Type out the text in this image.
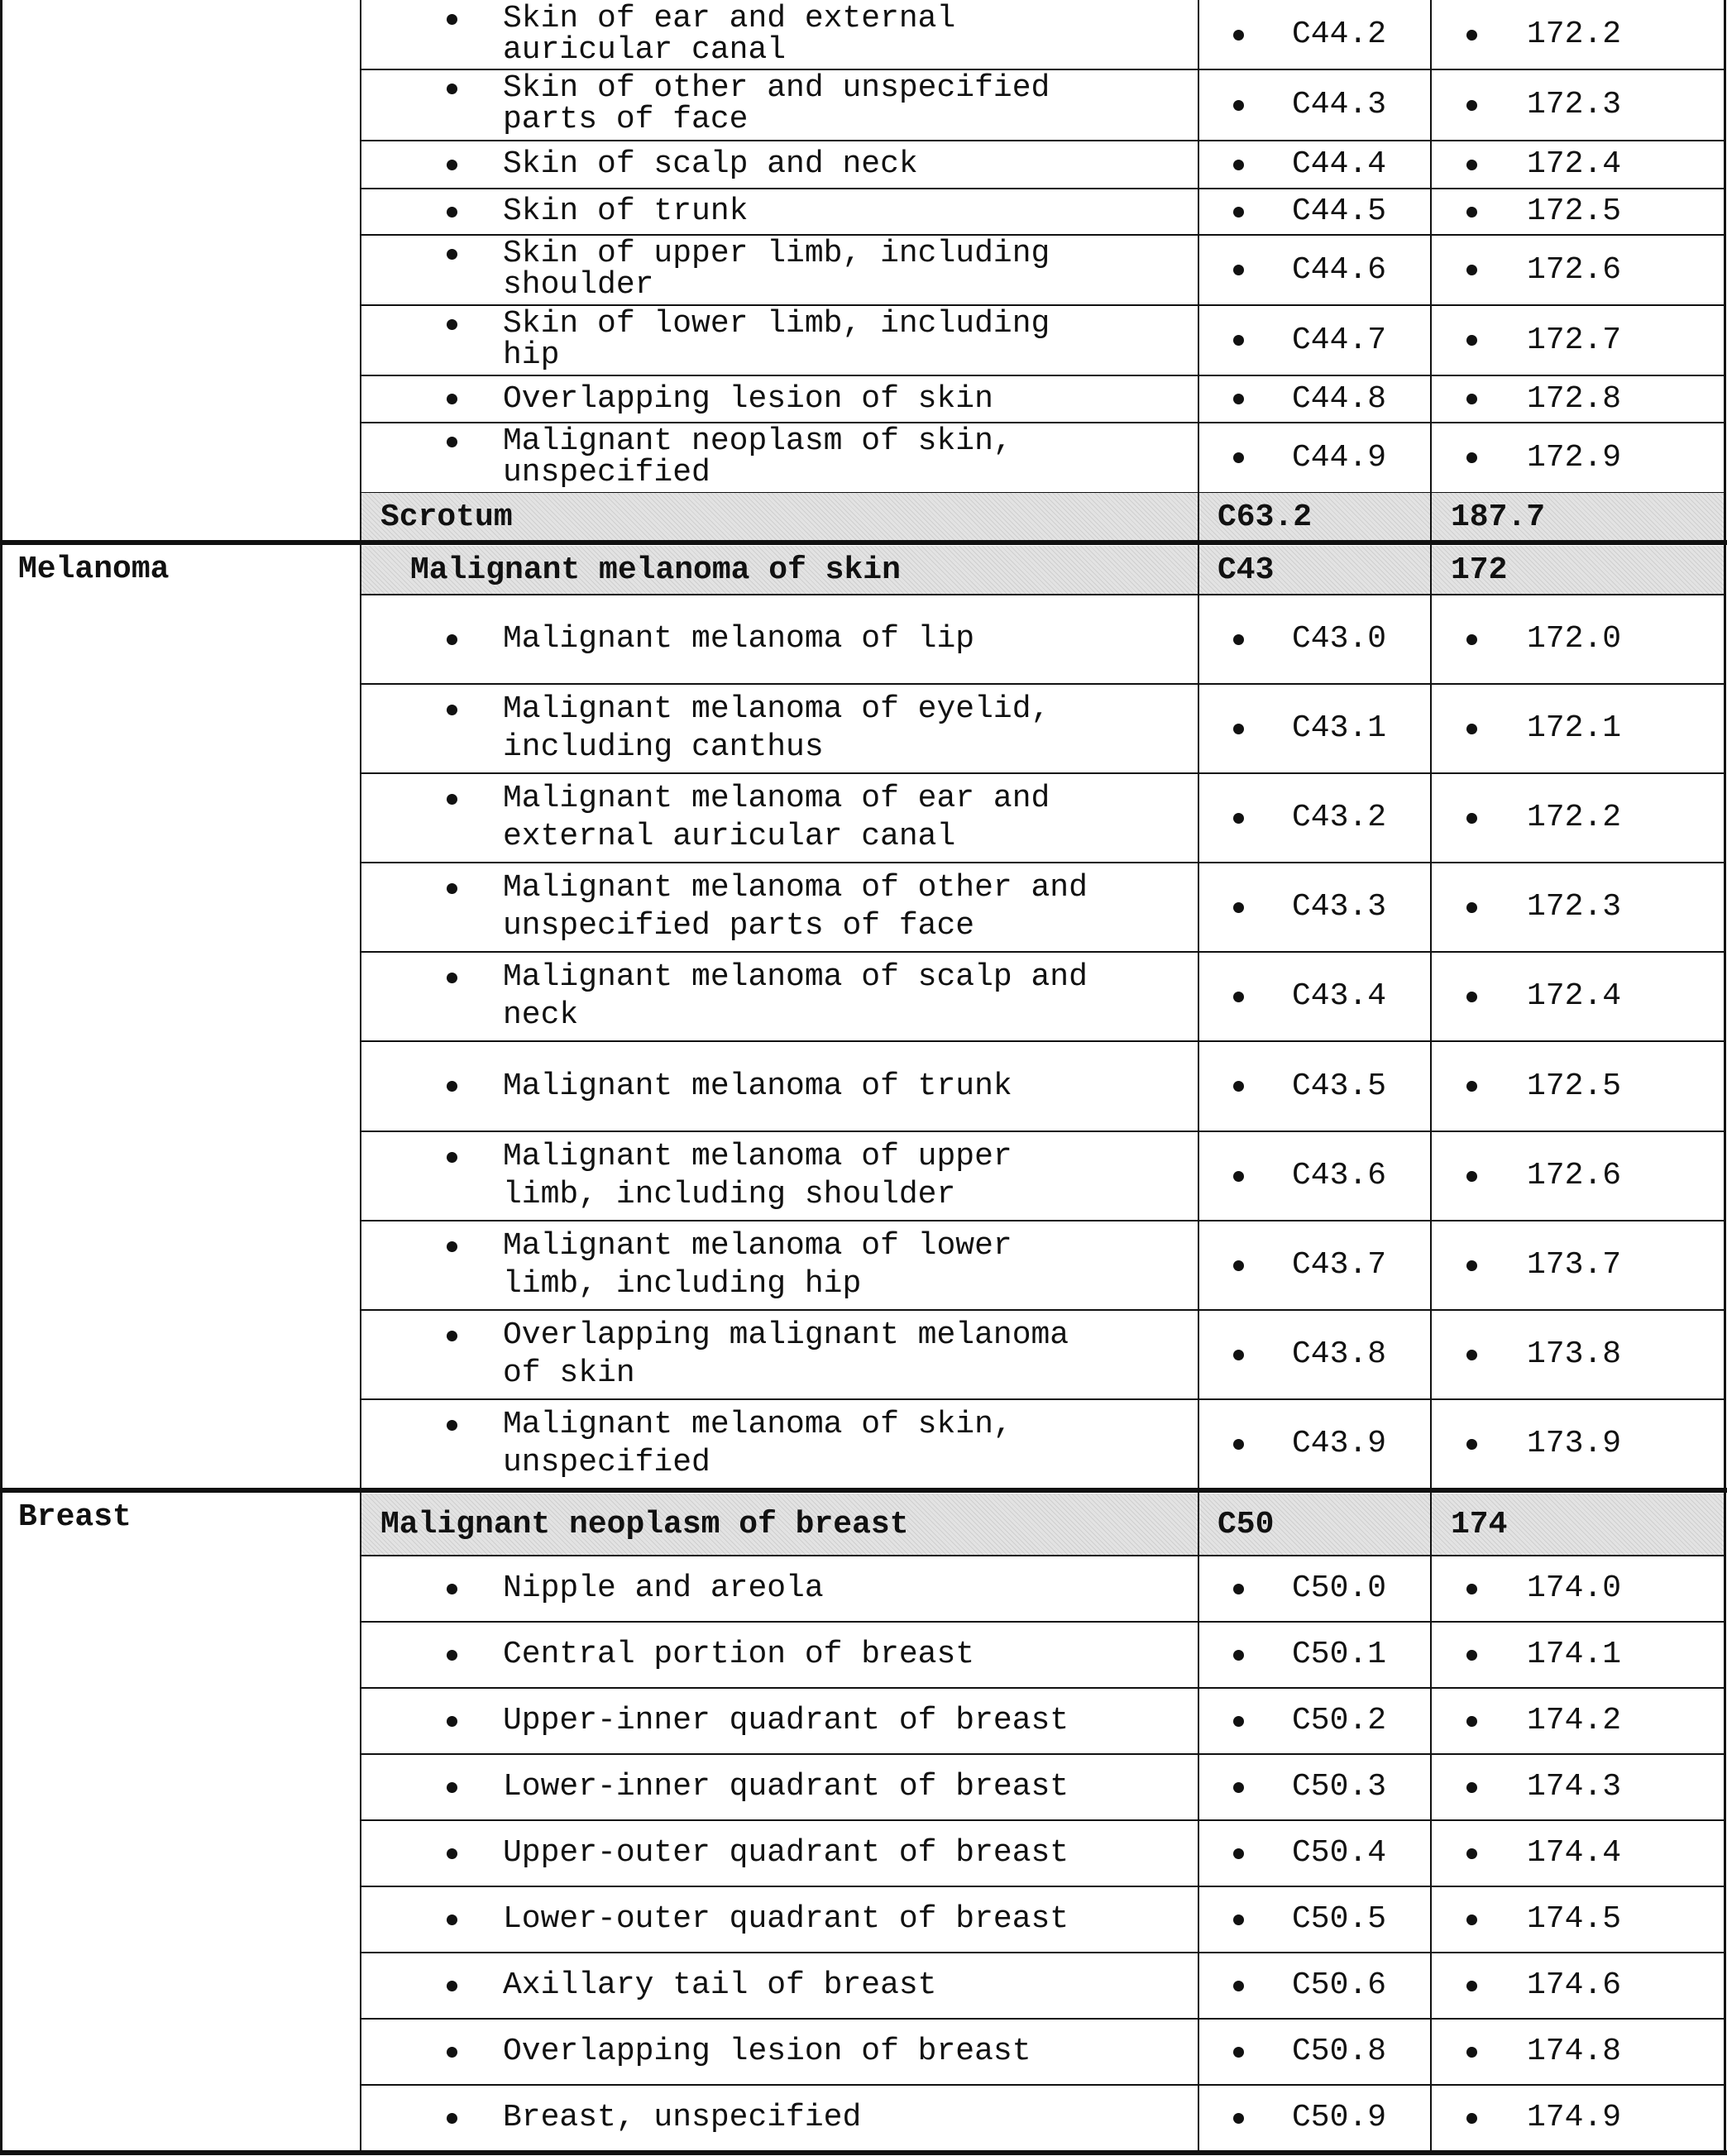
Skin of ear and external
auricular canal	C44.2	172.2
Skin of other and unspecified
parts of face	C44.3	172.3
Skin of scalp and neck	C44.4	172.4
Skin of trunk	C44.5	172.5
Skin of upper limb, including
shoulder	C44.6	172.6
Skin of lower limb, including
hip	C44.7	172.7
Overlapping lesion of skin	C44.8	172.8
Malignant neoplasm of skin,
unspecified	C44.9	172.9
Scrotum	C63.2	187.7
Melanoma	Malignant melanoma of skin	C43	172
Malignant melanoma of lip	C43.0	172.0
Malignant melanoma of eyelid,
including canthus
C43.1	172.1
Malignant melanoma of ear and
external auricular canal
C43.2	172.2
Malignant melanoma of other and
unspecified parts of face
C43.3	172.3
Malignant melanoma of scalp and
neck
C43.4	172.4
Malignant melanoma of trunk	C43.5	172.5
Malignant melanoma of upper
limb, including shoulder
C43.6	172.6
Malignant melanoma of lower
limb, including hip
C43.7	173.7
Overlapping malignant melanoma
of skin
C43.8	173.8
Malignant melanoma of skin,
unspecified
C43.9	173.9
Breast	Malignant neoplasm of breast	C50	174
Nipple and areola	C50.0	174.0
Central portion of breast	C50.1	174.1
Upper-inner quadrant of breast	C50.2	174.2
Lower-inner quadrant of breast	C50.3	174.3
Upper-outer quadrant of breast	C50.4	174.4
Lower-outer quadrant of breast	C50.5	174.5
Axillary tail of breast	C50.6	174.6
Overlapping lesion of breast	C50.8	174.8
Breast, unspecified	C50.9	174.9
